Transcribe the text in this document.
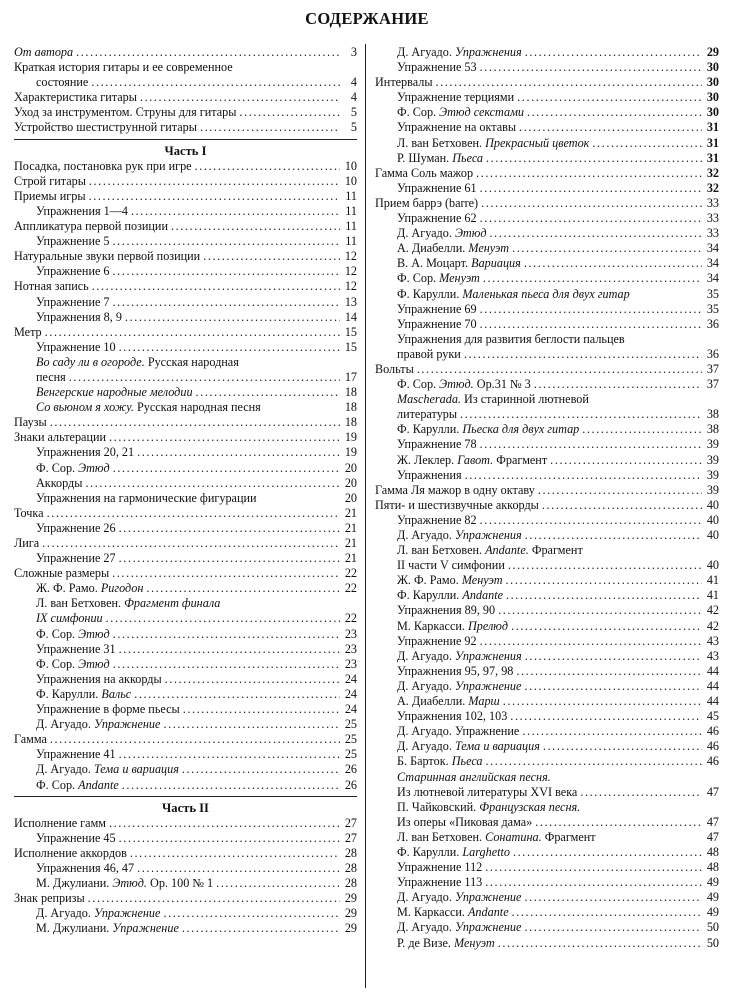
СОДЕРЖАНИЕ
От автора .....	3
Краткая история гитары и ее современное
состояние .....	4
Характеристика гитары .....	4
Уход за инструментом. Струны для гитары .....	5
Устройство шестиструнной гитары .....	5
Часть I
Посадка, постановка рук при игре .....	10
Строй гитары .....	10
Приемы игры .....	11
Упражнения 1—4 .....	11
Аппликатура первой позиции .....	11
Упражнение 5 .....	11
Натуральные звуки первой позиции .....	12
Упражнение 6 .....	12
Нотная запись .....	12
Упражнение 7 .....	13
Упражнения 8, 9 .....	14
Метр .....	15
Упражнение 10 .....	15
Во саду ли в огороде. Русская народная
песня .....	17
Венгерские народные мелодии .....	18
Со вьюном я хожу. Русская народная песня	18
Паузы .....	18
Знаки альтерации .....	19
Упражнения 20, 21 .....	19
Ф. Сор. Этюд .....	20
Аккорды .....	20
Упражнения на гармонические фигурации	20
Точка .....	21
Упражнение 26 .....	21
Лига .....	21
Упражнение 27 .....	21
Сложные размеры .....	22
Ж. Ф. Рамо. Ригодон .....	22
Л. ван Бетховен. Фрагмент финала
IX симфонии .....	22
Ф. Сор. Этюд .....	23
Упражнение 31 .....	23
Ф. Сор. Этюд .....	23
Упражнения на аккорды .....	24
Ф. Карулли. Вальс .....	24
Упражнение в форме пьесы .....	24
Д. Агуадо. Упражнение .....	25
Гамма .....	25
Упражнение 41 .....	25
Д. Агуадо. Тема и вариация .....	26
Ф. Сор. Andante .....	26
Часть II
Исполнение гамм .....	27
Упражнение 45 .....	27
Исполнение аккордов .....	28
Упражнения 46, 47 .....	28
М. Джулиани. Этюд. Op. 100 № 1 .....	28
Знак репризы .....	29
Д. Агуадо. Упражнение .....	29
М. Джулиани. Упражнение .....	29
Д. Агуадо. Упражнения .....	29
Упражнение 53 .....	30
Интервалы .....	30
Упражнение терциями .....	30
Ф. Сор. Этюд секстами .....	30
Упражнение на октавы .....	31
Л. ван Бетховен. Прекрасный цветок .....	31
Р. Шуман. Пьеса .....	31
Гамма Соль мажор .....	32
Упражнение 61 .....	32
Прием баррэ (barre) .....	33
Упражнение 62 .....	33
Д. Агуадо. Этюд .....	33
А. Диабелли. Менуэт .....	34
В. А. Моцарт. Вариация .....	34
Ф. Сор. Менуэт .....	34
Ф. Карулли. Маленькая пьеса для двух гитар	35
Упражнение 69 .....	35
Упражнение 70 .....	36
Упражнения для развития беглости пальцев
правой руки .....	36
Вольты .....	37
Ф. Сор. Этюд. Op.31 № 3 .....	37
Mascherada. Из старинной лютневой
литературы .....	38
Ф. Карулли. Пьеска для двух гитар .....	38
Упражнение 78 .....	39
Ж. Леклер. Гавот. Фрагмент .....	39
Упражнения .....	39
Гамма Ля мажор в одну октаву .....	39
Пяти- и шестизвучные аккорды .....	40
Упражнение 82 .....	40
Д. Агуадо. Упражнения .....	40
Л. ван Бетховен. Andante. Фрагмент
II части V симфонии .....	40
Ж. Ф. Рамо. Менуэт .....	41
Ф. Карулли. Andante .....	41
Упражнения 89, 90 .....	42
М. Каркасси. Прелюд .....	42
Упражнение 92 .....	43
Д. Агуадо. Упражнения .....	43
Упражнения 95, 97, 98 .....	44
Д. Агуадо. Упражнение .....	44
А. Диабелли. Марш .....	44
Упражнения 102, 103 .....	45
Д. Агуадо. Упражнение .....	46
Д. Агуадо. Тема и вариация .....	46
Б. Барток. Пьеса .....	46
Старинная английская песня.
Из лютневой литературы XVI века .....	47
П. Чайковский. Французская песня.
Из оперы «Пиковая дама» .....	47
Л. ван Бетховен. Сонатина. Фрагмент	47
Ф. Карулли. Larghetto .....	48
Упражнение 112 .....	48
Упражнение 113 .....	49
Д. Агуадо. Упражнение .....	49
М. Каркасси. Andante .....	49
Д. Агуадо. Упражнение .....	50
Р. де Визе. Менуэт .....	50
